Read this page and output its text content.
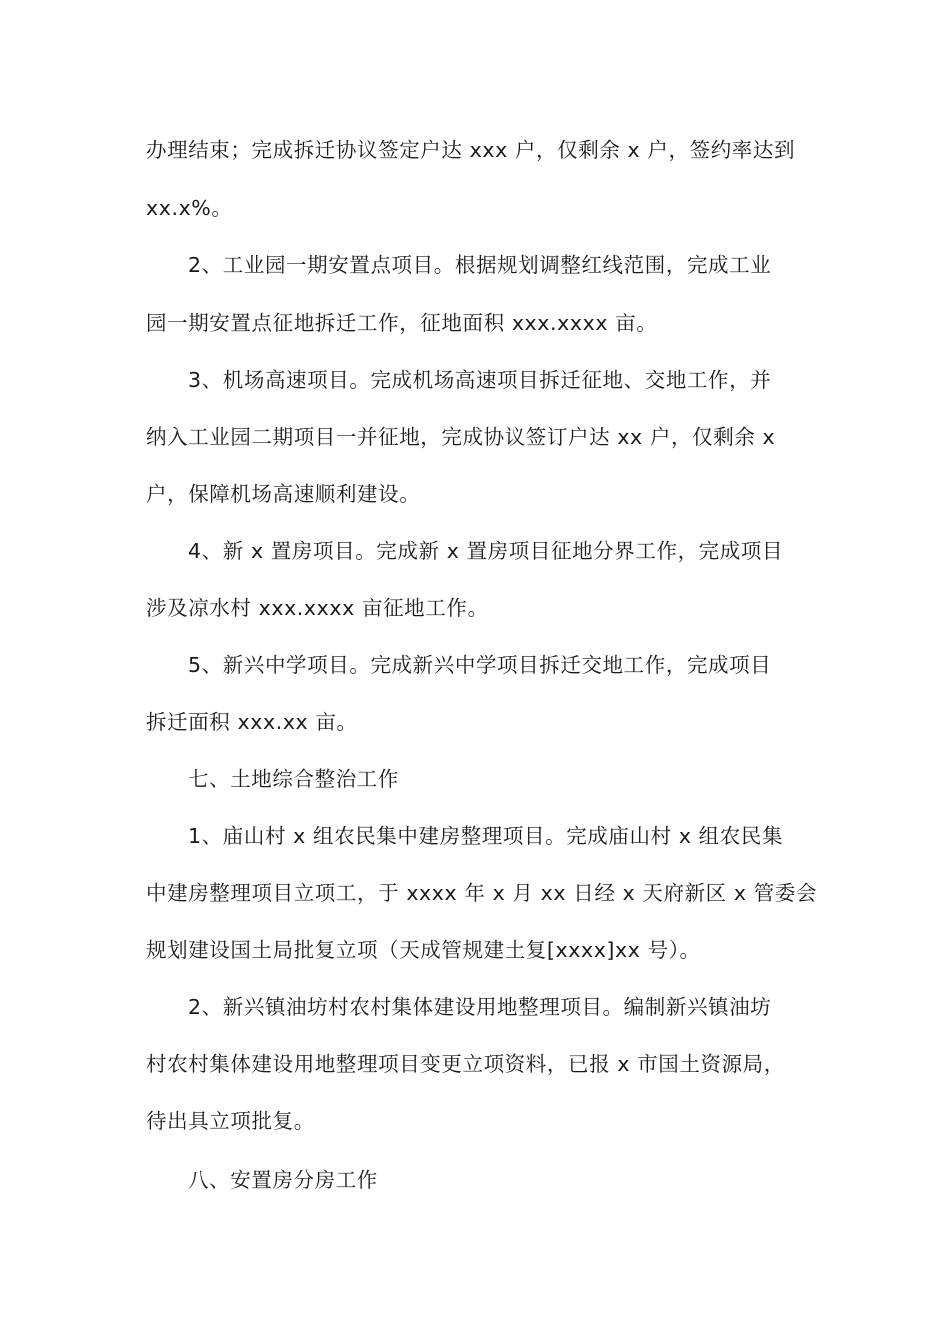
办理结束；完成拆迁协议签定户达 xxx 户，仅剩余 x 户，签约率达到
xx.x%。
2、工业园一期安置点项目。根据规划调整红线范围，完成工业
园一期安置点征地拆迁工作，征地面积 xxx.xxxx 亩。
3、机场高速项目。完成机场高速项目拆迁征地、交地工作，并
纳入工业园二期项目一并征地，完成协议签订户达 xx 户，仅剩余 x
户，保障机场高速顺利建设。
4、新 x 置房项目。完成新 x 置房项目征地分界工作，完成项目
涉及凉水村 xxx.xxxx 亩征地工作。
5、新兴中学项目。完成新兴中学项目拆迁交地工作，完成项目
拆迁面积 xxx.xx 亩。
七、土地综合整治工作
1、庙山村 x 组农民集中建房整理项目。完成庙山村 x 组农民集
中建房整理项目立项工，于 xxxx 年 x 月 xx 日经 x 天府新区 x 管委会
规划建设国土局批复立项（天成管规建土复[xxxx]xx 号）。
2、新兴镇油坊村农村集体建设用地整理项目。编制新兴镇油坊
村农村集体建设用地整理项目变更立项资料，已报 x 市国土资源局，
待出具立项批复。
八、安置房分房工作
